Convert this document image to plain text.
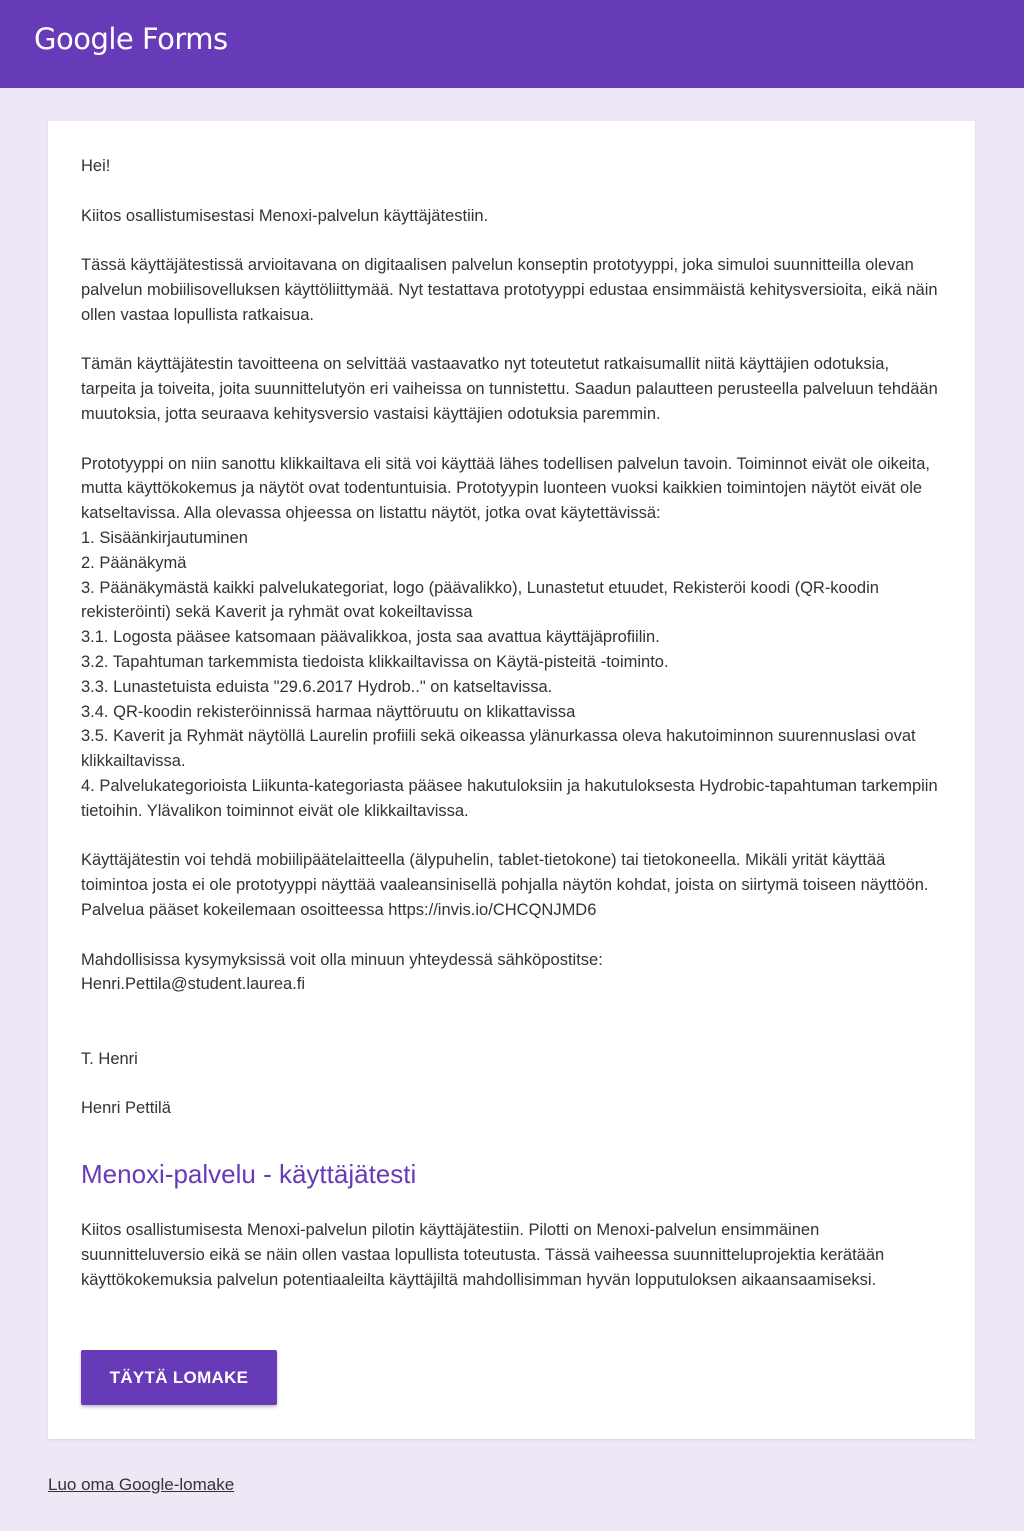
Google Forms

Hei!

Kiitos osallistumisestasi Menoxi-palvelun käyttäjätestiin.

Tässä käyttäjätestissä arvioitavana on digitaalisen palvelun konseptin prototyyppi, joka simuloi suunnitteilla olevan palvelun mobiilisovelluksen käyttöliittymää. Nyt testattava prototyyppi edustaa ensimmäistä kehitysversioita, eikä näin ollen vastaa lopullista ratkaisua.

Tämän käyttäjätestin tavoitteena on selvittää vastaavatko nyt toteutetut ratkaisumallit niitä käyttäjien odotuksia, tarpeita ja toiveita, joita suunnittelutyön eri vaiheissa on tunnistettu. Saadun palautteen perusteella palveluun tehdään muutoksia, jotta seuraava kehitysversio vastaisi käyttäjien odotuksia paremmin.

Prototyyppi on niin sanottu klikkailtava eli sitä voi käyttää lähes todellisen palvelun tavoin. Toiminnot eivät ole oikeita, mutta käyttökokemus ja näytöt ovat todentuntuisia. Prototyypin luonteen vuoksi kaikkien toimintojen näytöt eivät ole katseltavissa. Alla olevassa ohjeessa on listattu näytöt, jotka ovat käytettävissä:

1. Sisäänkirjautuminen
2. Päänäkymä
3. Päänäkymästä kaikki palvelukategoriat, logo (päävalikko), Lunastetut etuudet, Rekisteröi koodi (QR-koodin rekisteröinti) sekä Kaverit ja ryhmät ovat kokeiltavissa
3.1. Logosta pääsee katsomaan päävalikkoa, josta saa avattua käyttäjäprofiilin.
3.2. Tapahtuman tarkemmista tiedoista klikkailtavissa on Käytä-pisteitä -toiminto.
3.3. Lunastetuista eduista "29.6.2017 Hydrob.." on katseltavissa.
3.4. QR-koodin rekisteröinnissä harmaa näyttöruutu on klikattavissa
3.5. Kaverit ja Ryhmät näytöllä Laurelin profiili sekä oikeassa ylänurkassa oleva hakutoiminnon suurennuslasi ovat klikkailtavissa.
4. Palvelukategorioista Liikunta-kategoriasta pääsee hakutuloksiin ja hakutuloksesta Hydrobic-tapahtuman tarkempiin tietoihin. Ylävalikon toiminnot eivät ole klikkailtavissa.

Käyttäjätestin voi tehdä mobiilipäätelaitteella (älypuhelin, tablet-tietokone) tai tietokoneella. Mikäli yrität käyttää toimintoa josta ei ole prototyyppi näyttää vaaleansinisellä pohjalla näytön kohdat, joista on siirtymä toiseen näyttöön. Palvelua pääset kokeilemaan osoitteessa https://invis.io/CHCQNJMD6

Mahdollisissa kysymyksissä voit olla minuun yhteydessä sähköpostitse:
Henri.Pettila@student.laurea.fi

T. Henri

Henri Pettilä

Menoxi-palvelu - käyttäjätesti
Kiitos osallistumisesta Menoxi-palvelun pilotin käyttäjätestiin. Pilotti on Menoxi-palvelun ensimmäinen suunnitteluversio eikä se näin ollen vastaa lopullista toteutusta. Tässä vaiheessa suunnitteluprojektia kerätään käyttökokemuksia palvelun potentiaaleilta käyttäjiltä mahdollisimman hyvän lopputuloksen aikaansaamiseksi.
TÄYTÄ LOMAKE
Luo oma Google-lomake
